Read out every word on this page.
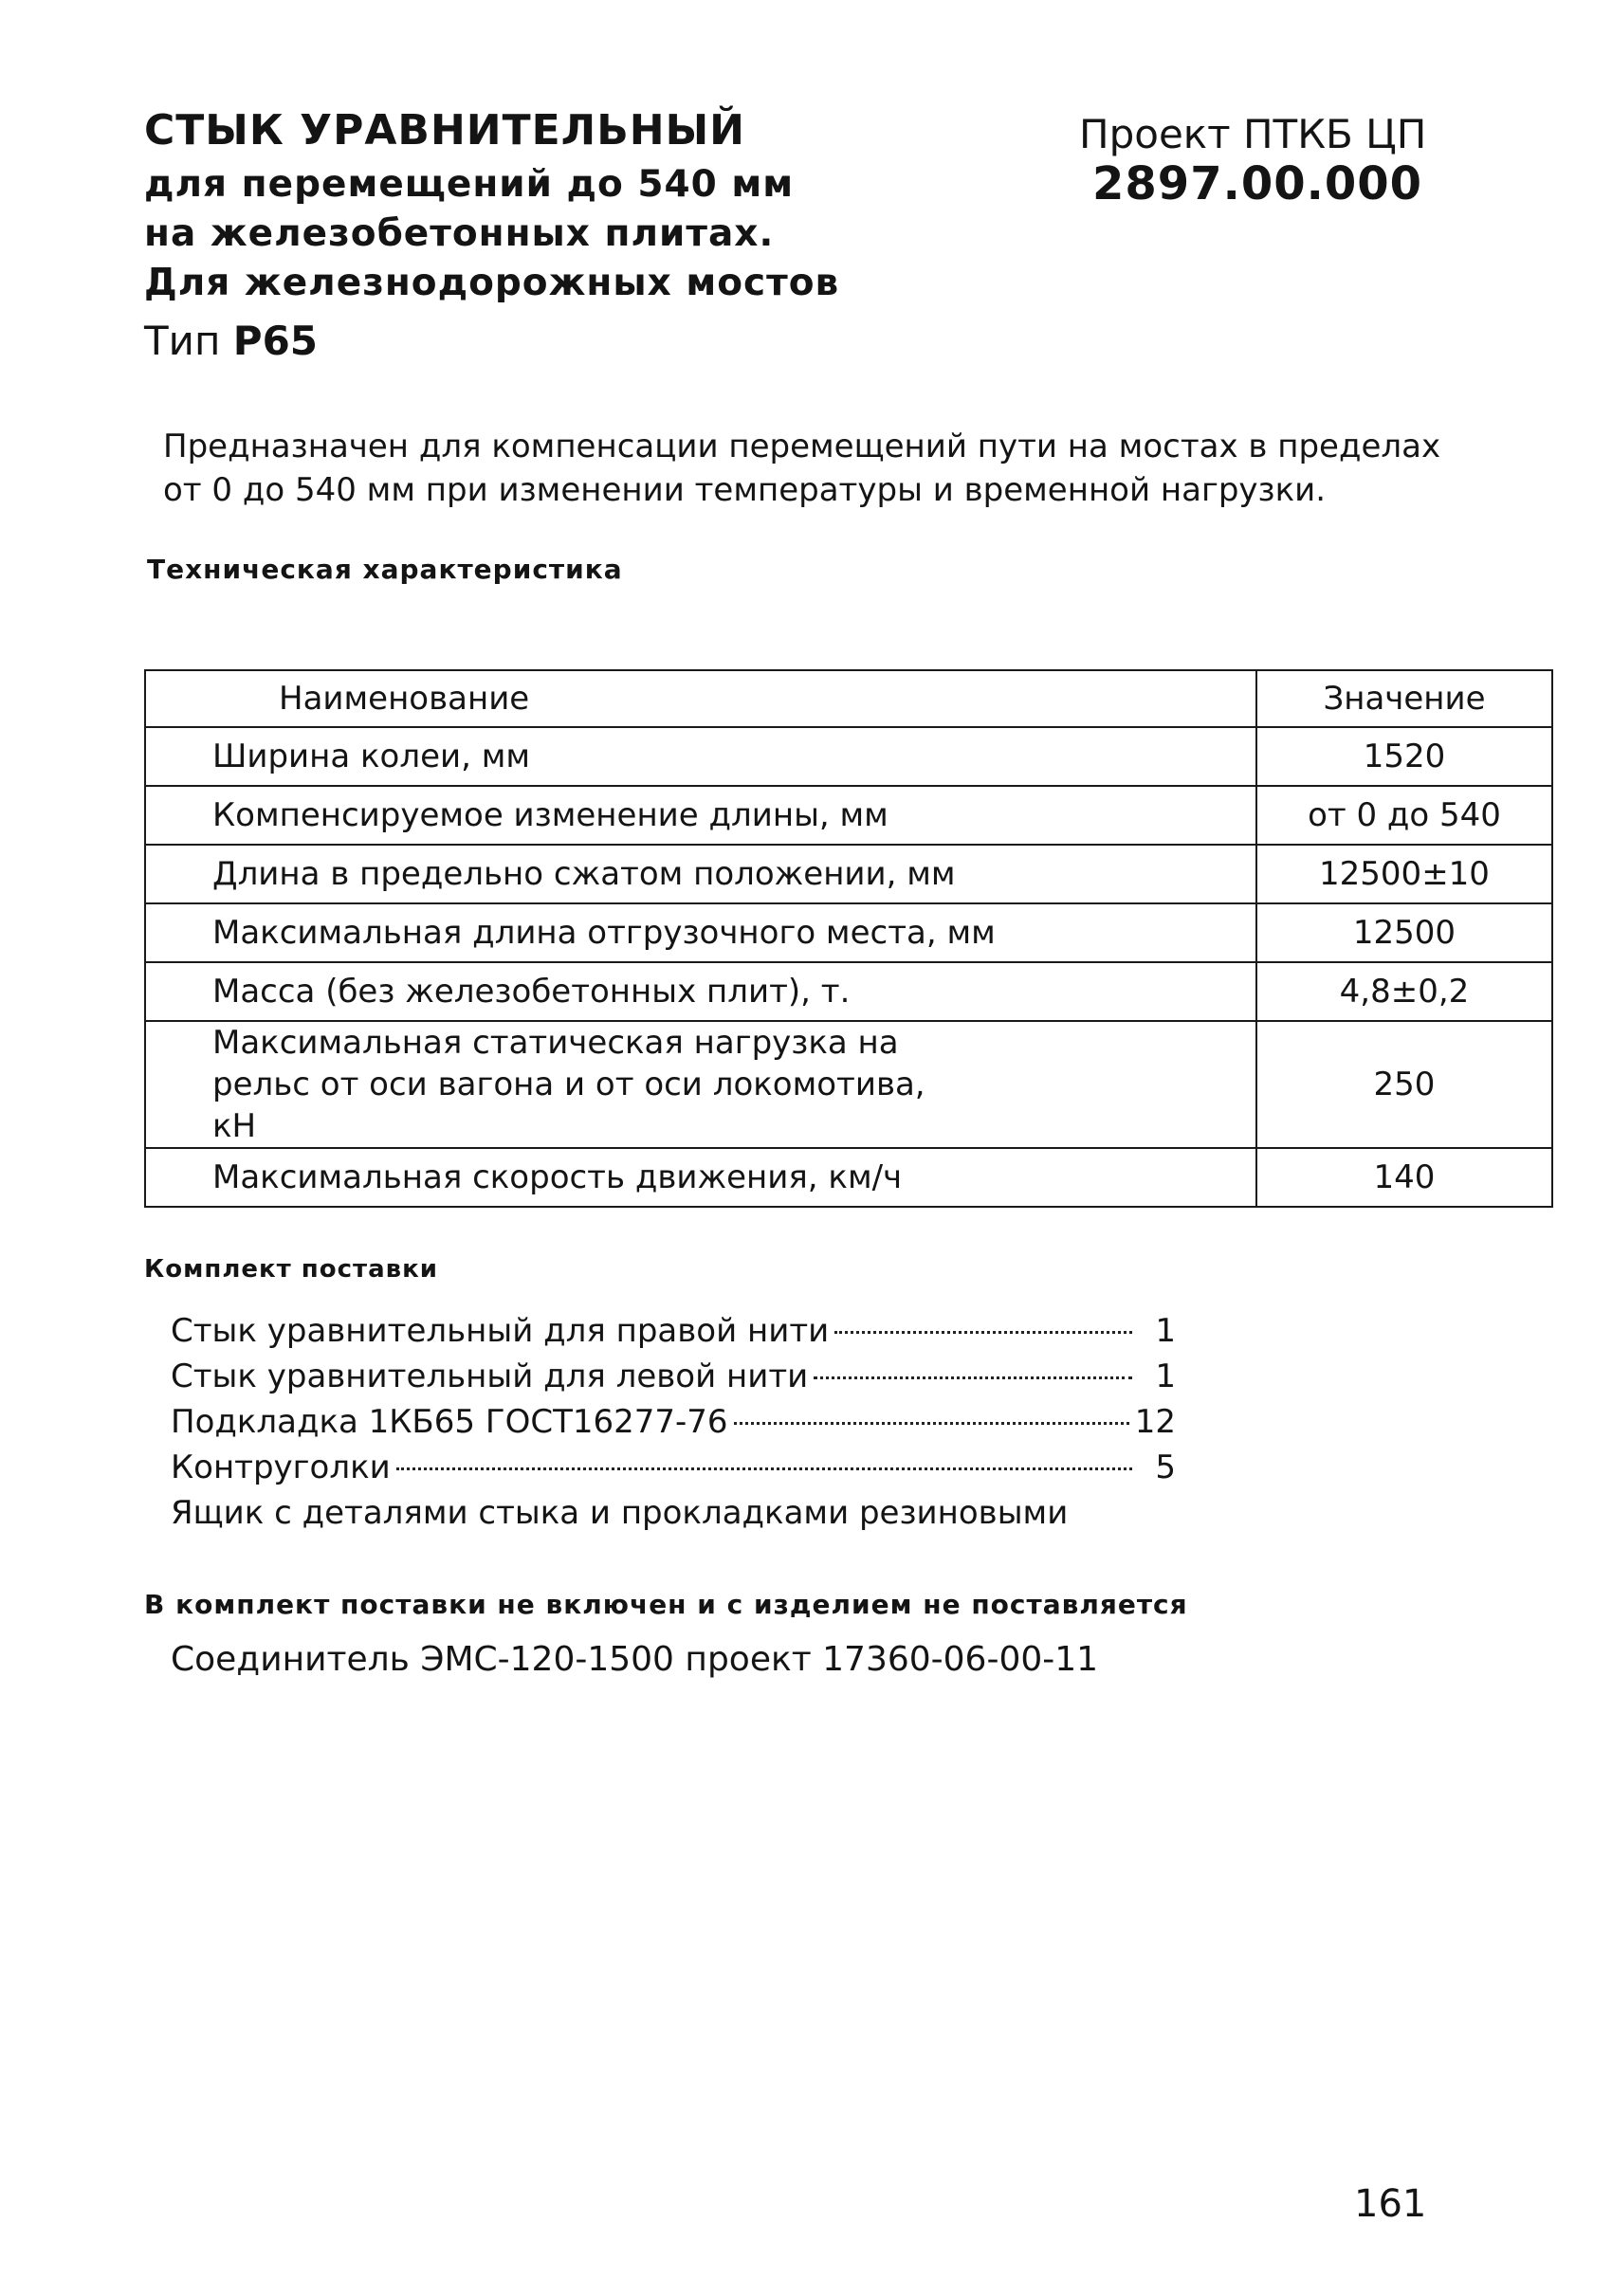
СТЫК УРАВНИТЕЛЬНЫЙ
для перемещений до 540 мм
на железобетонных плитах.
Для железнодорожных мостов
Тип Р65
Проект ПТКБ ЦП
2897.00.000
Предназначен для компенсации перемещений пути на мостах в пределах от 0 до 540 мм при изменении температуры и временной нагрузки.
Техническая характеристика
Наименование	Значение
Ширина колеи, мм	1520
Компенсируемое изменение длины, мм	от 0 до 540
Длина в предельно сжатом положении, мм	12500±10
Максимальная длина отгрузочного места, мм	12500
Масса (без железобетонных плит), т.	4,8±0,2
Максимальная статическая нагрузка на рельс от оси вагона и от оси локомотива, кН	250
Максимальная скорость движения, км/ч	140
Комплект поставки
Стык уравнительный для правой нити	1
Стык уравнительный для левой нити	1
Подкладка 1КБ65 ГОСТ16277-76	12
Контруголки	5
Ящик с деталями стыка и прокладками резиновыми
В комплект поставки не включен и с изделием не поставляется
Соединитель ЭМС-120-1500 проект 17360-06-00-11
161
